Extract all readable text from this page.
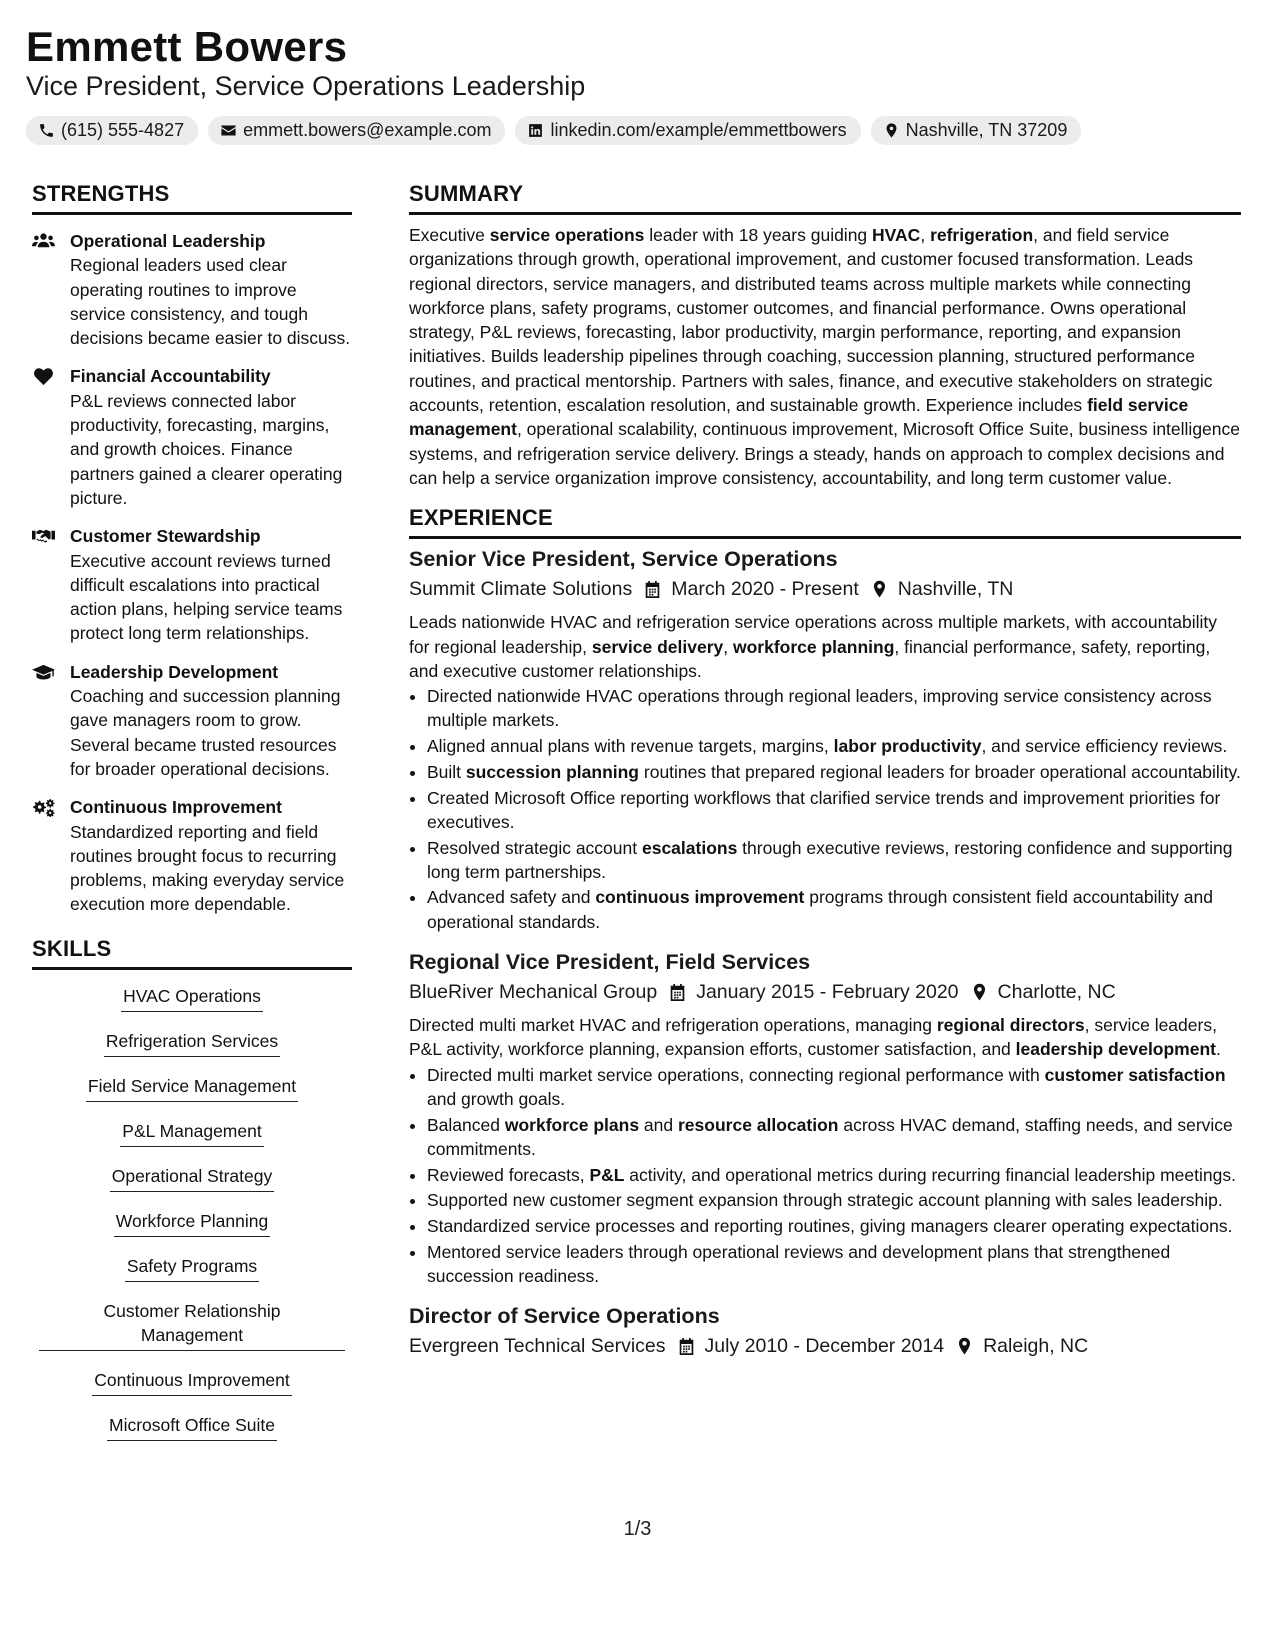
Emmett Bowers
Vice President, Service Operations Leadership
(615) 555-4827	emmett.bowers@example.com	linkedin.com/example/emmettbowers	Nashville, TN 37209
STRENGTHS
Operational Leadership
Regional leaders used clear operating routines to improve service consistency, and tough decisions became easier to discuss.
Financial Accountability
P&L reviews connected labor productivity, forecasting, margins, and growth choices. Finance partners gained a clearer operating picture.
Customer Stewardship
Executive account reviews turned difficult escalations into practical action plans, helping service teams protect long term relationships.
Leadership Development
Coaching and succession planning gave managers room to grow. Several became trusted resources for broader operational decisions.
Continuous Improvement
Standardized reporting and field routines brought focus to recurring problems, making everyday service execution more dependable.
SKILLS
HVAC Operations
Refrigeration Services
Field Service Management
P&L Management
Operational Strategy
Workforce Planning
Safety Programs
Customer Relationship Management
Continuous Improvement
Microsoft Office Suite
SUMMARY
Executive service operations leader with 18 years guiding HVAC, refrigeration, and field service organizations through growth, operational improvement, and customer focused transformation. Leads regional directors, service managers, and distributed teams across multiple markets while connecting workforce plans, safety programs, customer outcomes, and financial performance. Owns operational strategy, P&L reviews, forecasting, labor productivity, margin performance, reporting, and expansion initiatives. Builds leadership pipelines through coaching, succession planning, structured performance routines, and practical mentorship. Partners with sales, finance, and executive stakeholders on strategic accounts, retention, escalation resolution, and sustainable growth. Experience includes field service management, operational scalability, continuous improvement, Microsoft Office Suite, business intelligence systems, and refrigeration service delivery. Brings a steady, hands on approach to complex decisions and can help a service organization improve consistency, accountability, and long term customer value.
EXPERIENCE
Senior Vice President, Service Operations
Summit Climate Solutions March 2020 - Present Nashville, TN
Leads nationwide HVAC and refrigeration service operations across multiple markets, with accountability for regional leadership, service delivery, workforce planning, financial performance, safety, reporting, and executive customer relationships.
• Directed nationwide HVAC operations through regional leaders, improving service consistency across multiple markets.
• Aligned annual plans with revenue targets, margins, labor productivity, and service efficiency reviews.
• Built succession planning routines that prepared regional leaders for broader operational accountability.
• Created Microsoft Office reporting workflows that clarified service trends and improvement priorities for executives.
• Resolved strategic account escalations through executive reviews, restoring confidence and supporting long term partnerships.
• Advanced safety and continuous improvement programs through consistent field accountability and operational standards.
Regional Vice President, Field Services
BlueRiver Mechanical Group January 2015 - February 2020 Charlotte, NC
Directed multi market HVAC and refrigeration operations, managing regional directors, service leaders, P&L activity, workforce planning, expansion efforts, customer satisfaction, and leadership development.
• Directed multi market service operations, connecting regional performance with customer satisfaction and growth goals.
• Balanced workforce plans and resource allocation across HVAC demand, staffing needs, and service commitments.
• Reviewed forecasts, P&L activity, and operational metrics during recurring financial leadership meetings.
• Supported new customer segment expansion through strategic account planning with sales leadership.
• Standardized service processes and reporting routines, giving managers clearer operating expectations.
• Mentored service leaders through operational reviews and development plans that strengthened succession readiness.
Director of Service Operations
Evergreen Technical Services July 2010 - December 2014 Raleigh, NC
1/3
